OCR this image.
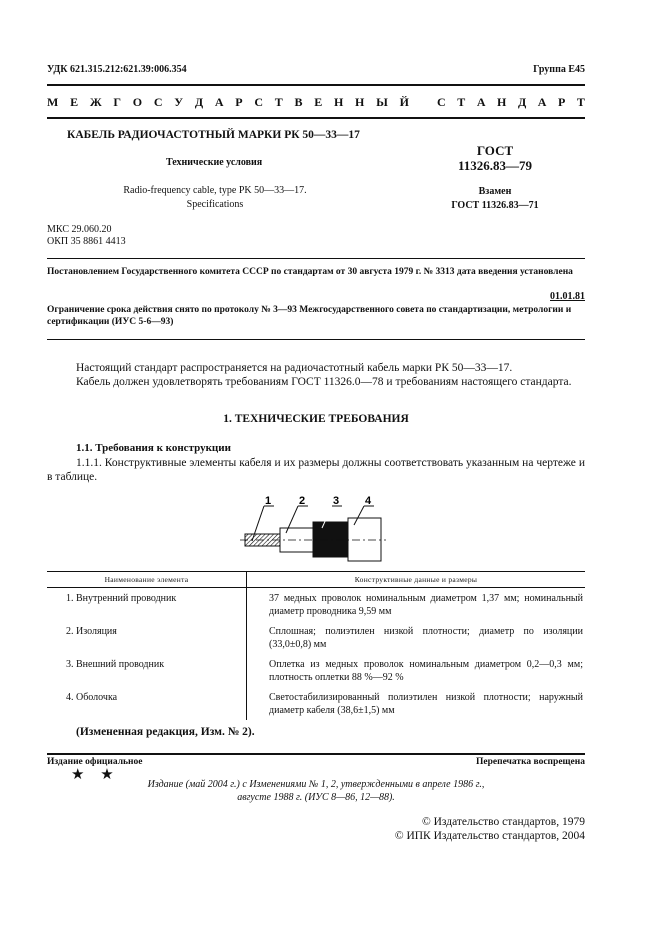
УДК 621.315.212:621.39:006.354	Группа Е45
М Е Ж Г О С У Д А Р С Т В Е Н Н Ы Й С Т А Н Д А Р Т
КАБЕЛЬ РАДИОЧАСТОТНЫЙ МАРКИ РК 50—33—17
Технические условия
Radio-frequency cable, type PK 50—33—17.
Specifications
ГОСТ
11326.83—79
Взамен
ГОСТ 11326.83—71
МКС 29.060.20
ОКП 35 8861 4413
Постановлением Государственного комитета СССР по стандартам от 30 августа 1979 г. № 3313 дата введения установлена
01.01.81
Ограничение срока действия снято по протоколу № 3—93 Межгосударственного совета по стандартизации, метрологии и сертификации (ИУС 5-6—93)
Настоящий стандарт распространяется на радиочастотный кабель марки РК 50—33—17.
Кабель должен удовлетворять требованиям ГОСТ 11326.0—78 и требованиям настоящего стандарта.
1. ТЕХНИЧЕСКИЕ ТРЕБОВАНИЯ
1.1. Требования к конструкции
1.1.1. Конструктивные элементы кабеля и их размеры должны соответствовать указанным на чертеже и в таблице.
1	2	3 4
Наименование элемента	Конструктивные данные и размеры
1. Внутренний проводник	37 медных проволок номинальным диаметром 1,37 мм; номинальный диаметр проводника 9,59 мм
2. Изоляция	Сплошная; полиэтилен низкой плотности; диаметр по изоляции (33,0±0,8) мм
3. Внешний проводник	Оплетка из медных проволок номинальным диаметром 0,2—0,3 мм; плотность оплетки 88 %—92 %
4. Оболочка	Светостабилизированный полиэтилен низкой плотности; наружный диаметр кабеля (38,6±1,5) мм
(Измененная редакция, Изм. № 2).
Издание официальное	Перепечатка воспрещена
★ ★
Издание (май 2004 г.) с Изменениями № 1, 2, утвержденными в апреле 1986 г.,
августе 1988 г. (ИУС 8—86, 12—88).
© Издательство стандартов, 1979
© ИПК Издательство стандартов, 2004
